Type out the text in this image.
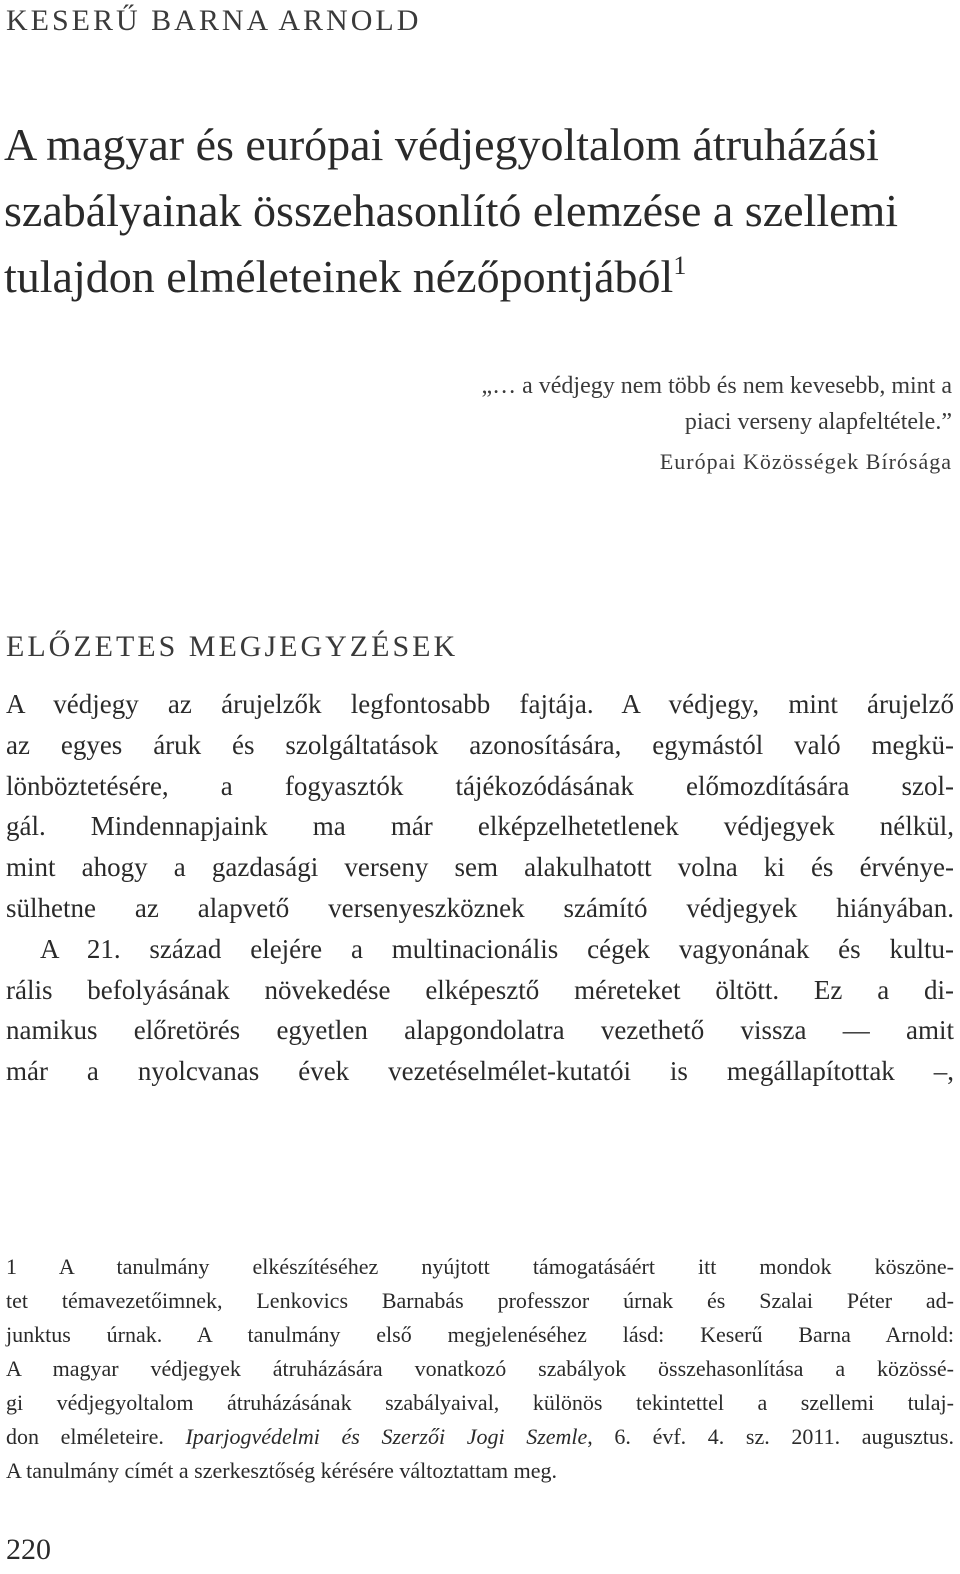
KESERŰ BARNA ARNOLD
A magyar és európai védjegyoltalom átruházási
szabályainak összehasonlító elemzése a szellemi
tulajdon elméleteinek nézőpontjából$^1$

„… a védjegy nem több és nem kevesebb, mint a
piaci verseny alapfeltétele.”

Európai Közösségek Bírósága

ELŐZETES MEGJEGYZÉSEK
A védjegy az árujelzők legfontosabb fajtája. A védjegy, mint árujelző
az egyes áruk és szolgáltatások azonosítására, egymástól való megkü-
lönböztetésére, a fogyasztók tájékozódásának előmozdítására szol-
gál. Mindennapjaink ma már elképzelhetetlenek védjegyek nélkül,
mint ahogy a gazdasági verseny sem alakulhatott volna ki és érvénye-
sülhetne az alapvető versenyeszköznek számító védjegyek hiányában.
A 21. század elejére a multinacionális cégek vagyonának és kultu-
rális befolyásának növekedése elképesztő méreteket öltött. Ez a di-
namikus előretörés egyetlen alapgondolatra vezethető vissza — amit
már a nyolcvanas évek vezetéselmélet-kutatói is megállapítottak –,
1 A tanulmány elkészítéséhez nyújtott támogatásáért itt mondok köszöne-
tet témavezetőimnek, Lenkovics Barnabás professzor úrnak és Szalai Péter ad-
junktus úrnak. A tanulmány első megjelenéséhez lásd: Keserű Barna Arnold:
A magyar védjegyek átruházására vonatkozó szabályok összehasonlítása a közössé-
gi védjegyoltalom átruházásának szabályaival, különös tekintettel a szellemi tulaj-
don elméleteire. Iparjogvédelmi és Szerzői Jogi Szemle, 6. évf. 4. sz. 2011. augusztus.
A tanulmány címét a szerkesztőség kérésére változtattam meg.
220
